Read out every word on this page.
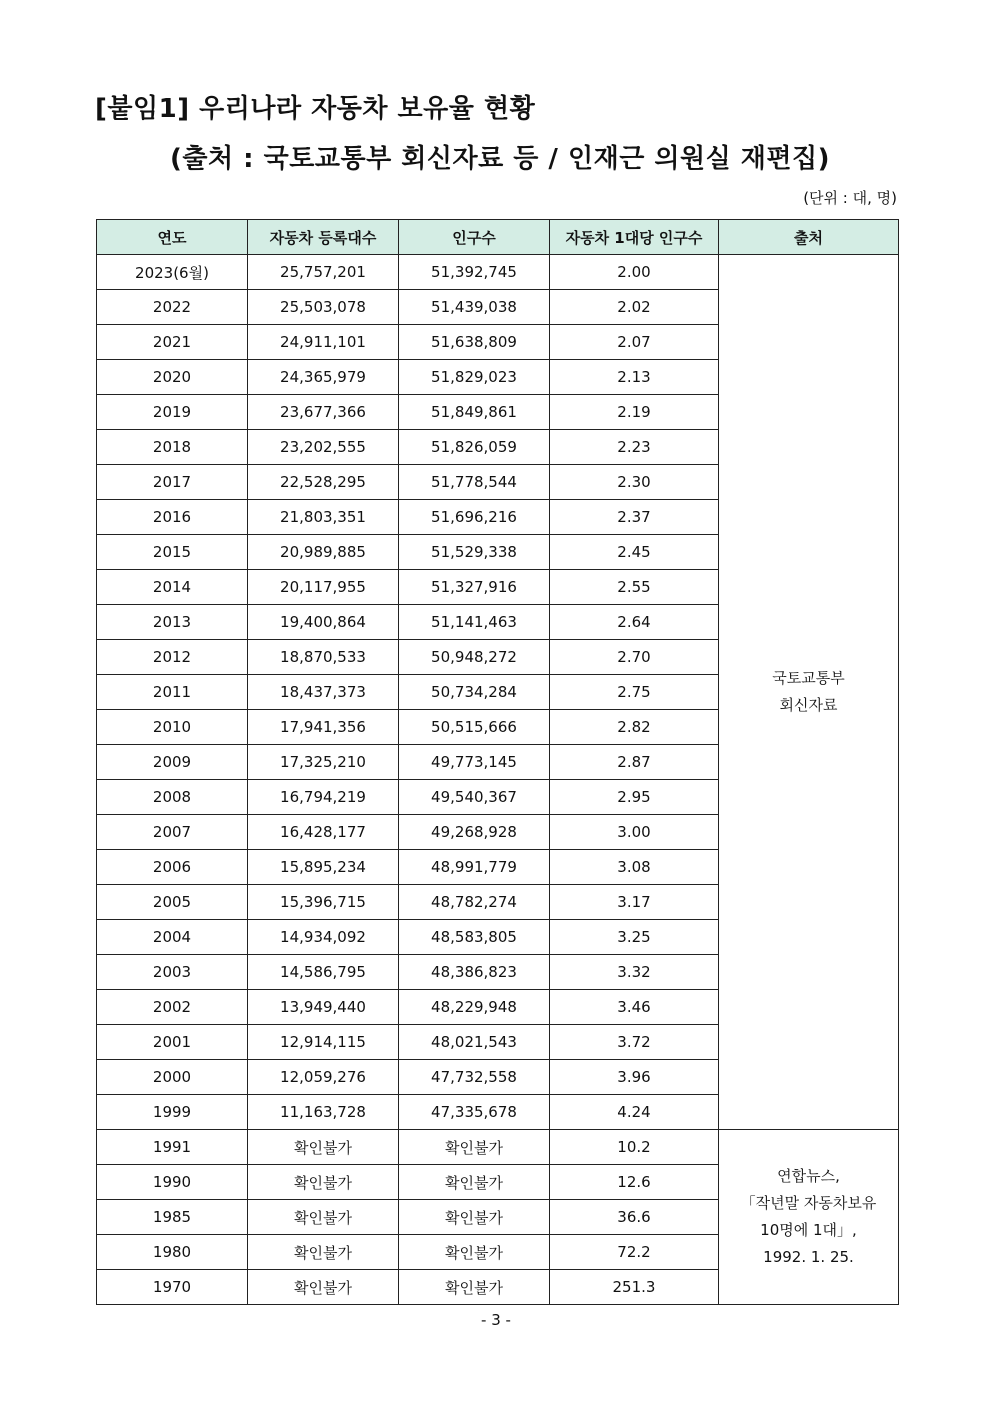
[붙임1] 우리나라 자동차 보유율 현황
(출처 : 국토교통부 회신자료 등 / 인재근 의원실 재편집)
(단위 : 대, 명)
연도	자동차 등록대수	인구수	자동차 1대당 인구수	출처
2023(6월)	25,757,201	51,392,745	2.00	국토교통부
회신자료
2022	25,503,078	51,439,038	2.02	
2021	24,911,101	51,638,809	2.07	
2020	24,365,979	51,829,023	2.13	
2019	23,677,366	51,849,861	2.19	
2018	23,202,555	51,826,059	2.23	
2017	22,528,295	51,778,544	2.30	
2016	21,803,351	51,696,216	2.37	
2015	20,989,885	51,529,338	2.45	
2014	20,117,955	51,327,916	2.55	
2013	19,400,864	51,141,463	2.64	
2012	18,870,533	50,948,272	2.70	
2011	18,437,373	50,734,284	2.75	
2010	17,941,356	50,515,666	2.82	
2009	17,325,210	49,773,145	2.87	
2008	16,794,219	49,540,367	2.95	
2007	16,428,177	49,268,928	3.00	
2006	15,895,234	48,991,779	3.08	
2005	15,396,715	48,782,274	3.17	
2004	14,934,092	48,583,805	3.25	
2003	14,586,795	48,386,823	3.32	
2002	13,949,440	48,229,948	3.46	
2001	12,914,115	48,021,543	3.72	
2000	12,059,276	47,732,558	3.96	
1999	11,163,728	47,335,678	4.24	
1991	확인불가	확인불가	10.2	연합뉴스,
「작년말 자동차보유
10명에 1대」,
1992. 1. 25.
1990	확인불가	확인불가	12.6	
1985	확인불가	확인불가	36.6	
1980	확인불가	확인불가	72.2	
1970	확인불가	확인불가	251.3	
- 3 -
